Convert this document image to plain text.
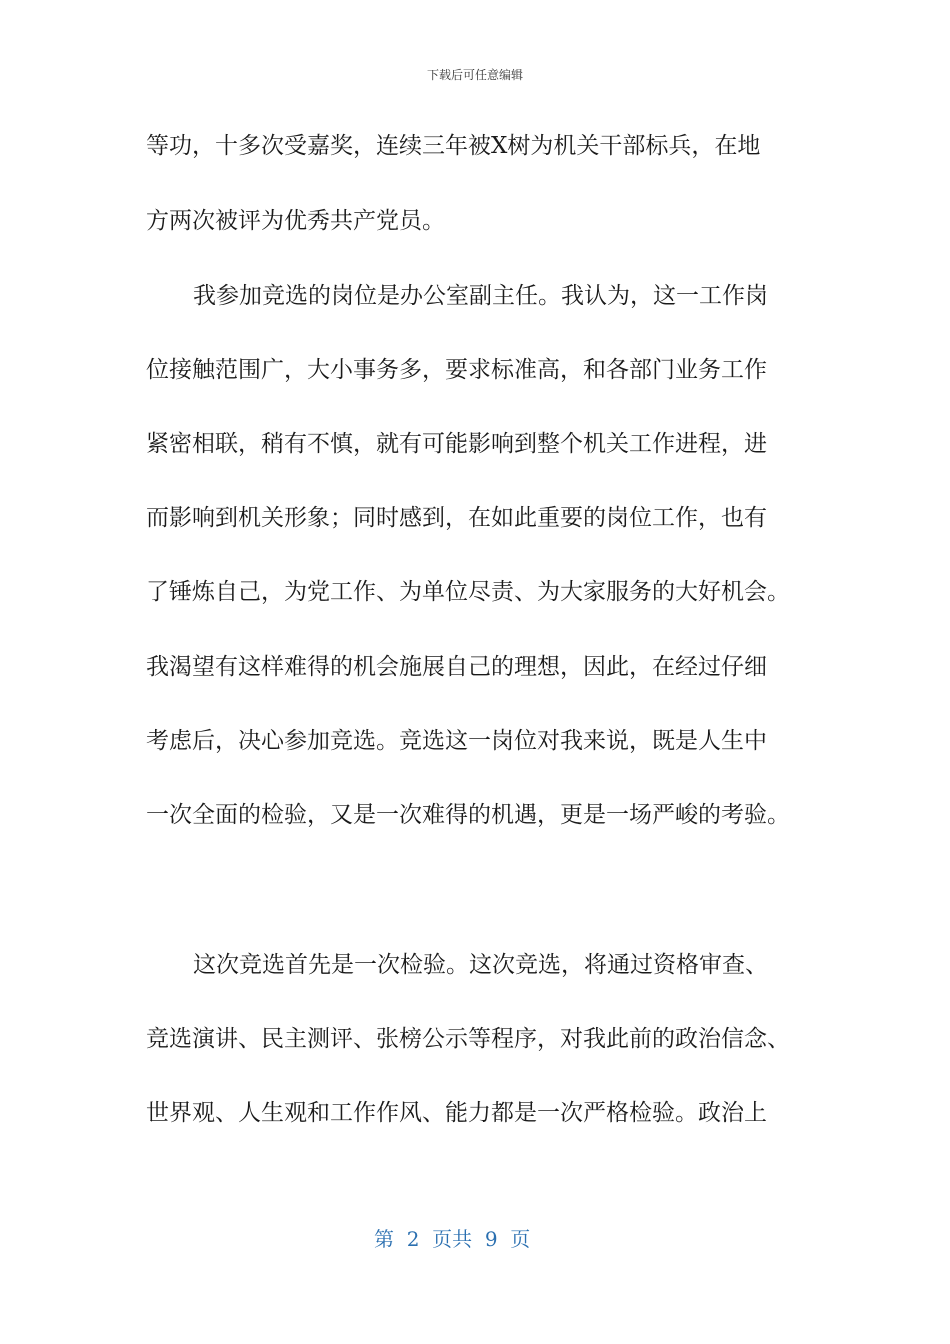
下载后可任意编辑
等功，十多次受嘉奖，连续三年被X树为机关干部标兵，在地
方两次被评为优秀共产党员。
我参加竞选的岗位是办公室副主任。我认为，这一工作岗
位接触范围广，大小事务多，要求标准高，和各部门业务工作
紧密相联，稍有不慎，就有可能影响到整个机关工作进程，进
而影响到机关形象；同时感到，在如此重要的岗位工作，也有
了锤炼自己，为党工作、为单位尽责、为大家服务的大好机会。
我渴望有这样难得的机会施展自己的理想，因此，在经过仔细
考虑后，决心参加竞选。竞选这一岗位对我来说，既是人生中
一次全面的检验，又是一次难得的机遇，更是一场严峻的考验。
这次竞选首先是一次检验。这次竞选，将通过资格审查、
竞选演讲、民主测评、张榜公示等程序，对我此前的政治信念、
世界观、人生观和工作作风、能力都是一次严格检验。政治上
第  2  页共  9  页
